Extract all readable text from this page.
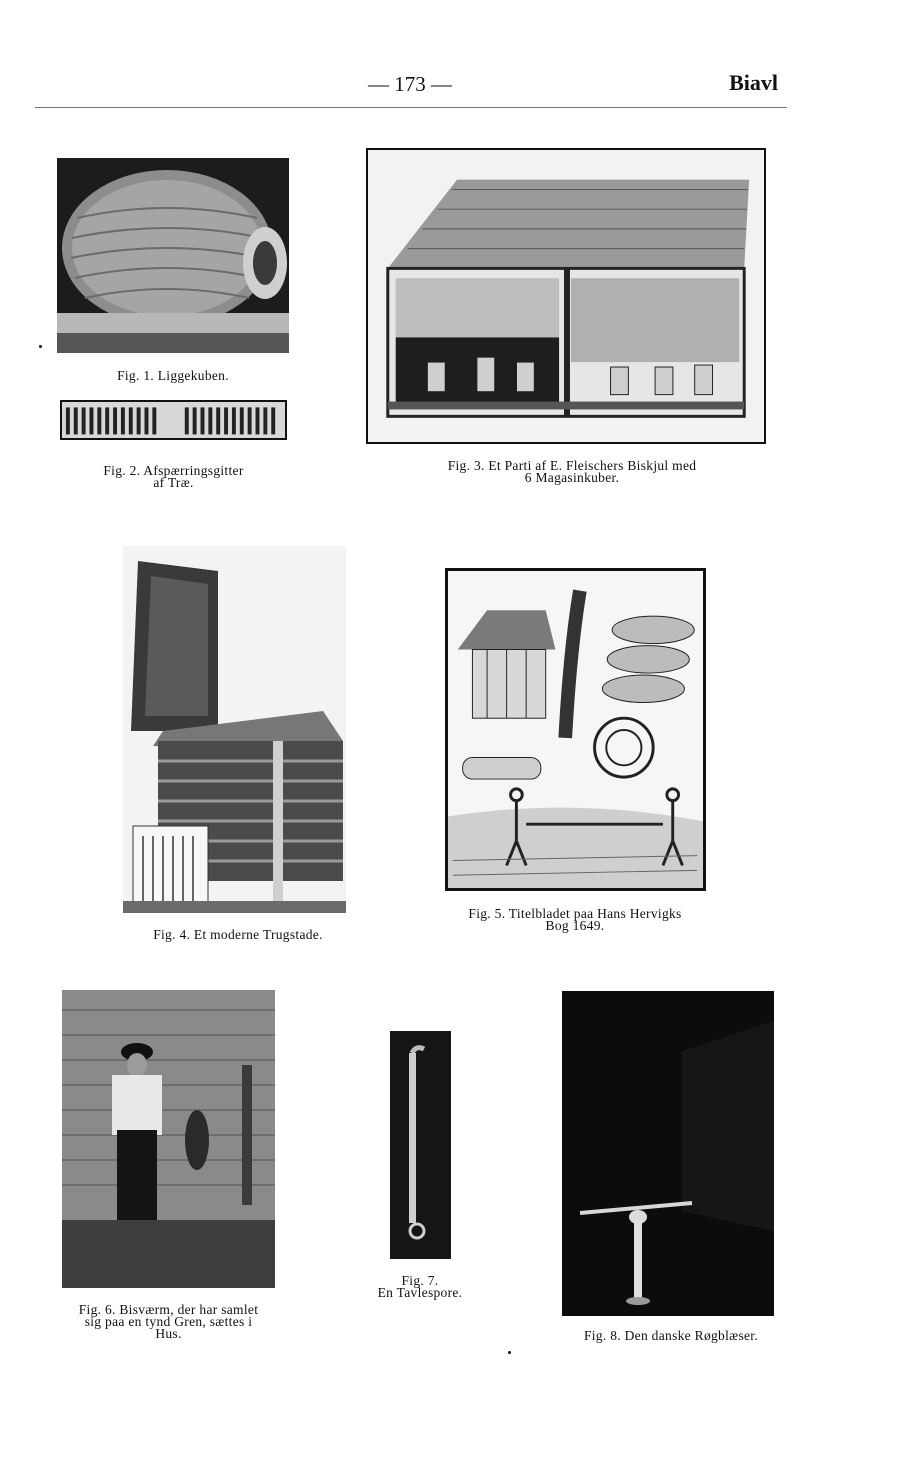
— 173 —	Biavl
Fig. 1. Liggekuben.
Fig. 2. Afspærringsgitter
af Træ.
Fig. 3. Et Parti af E. Fleischers Biskjul med
6 Magasinkuber.
Fig. 4. Et moderne Trugstade.
Fig. 5. Titelbladet paa Hans Hervigks
Bog 1649.
Fig. 6. Bisværm, der har samlet
sig paa en tynd Gren, sættes i
Hus.
Fig. 7.
En Tavlespore.
Fig. 8. Den danske Røgblæser.
